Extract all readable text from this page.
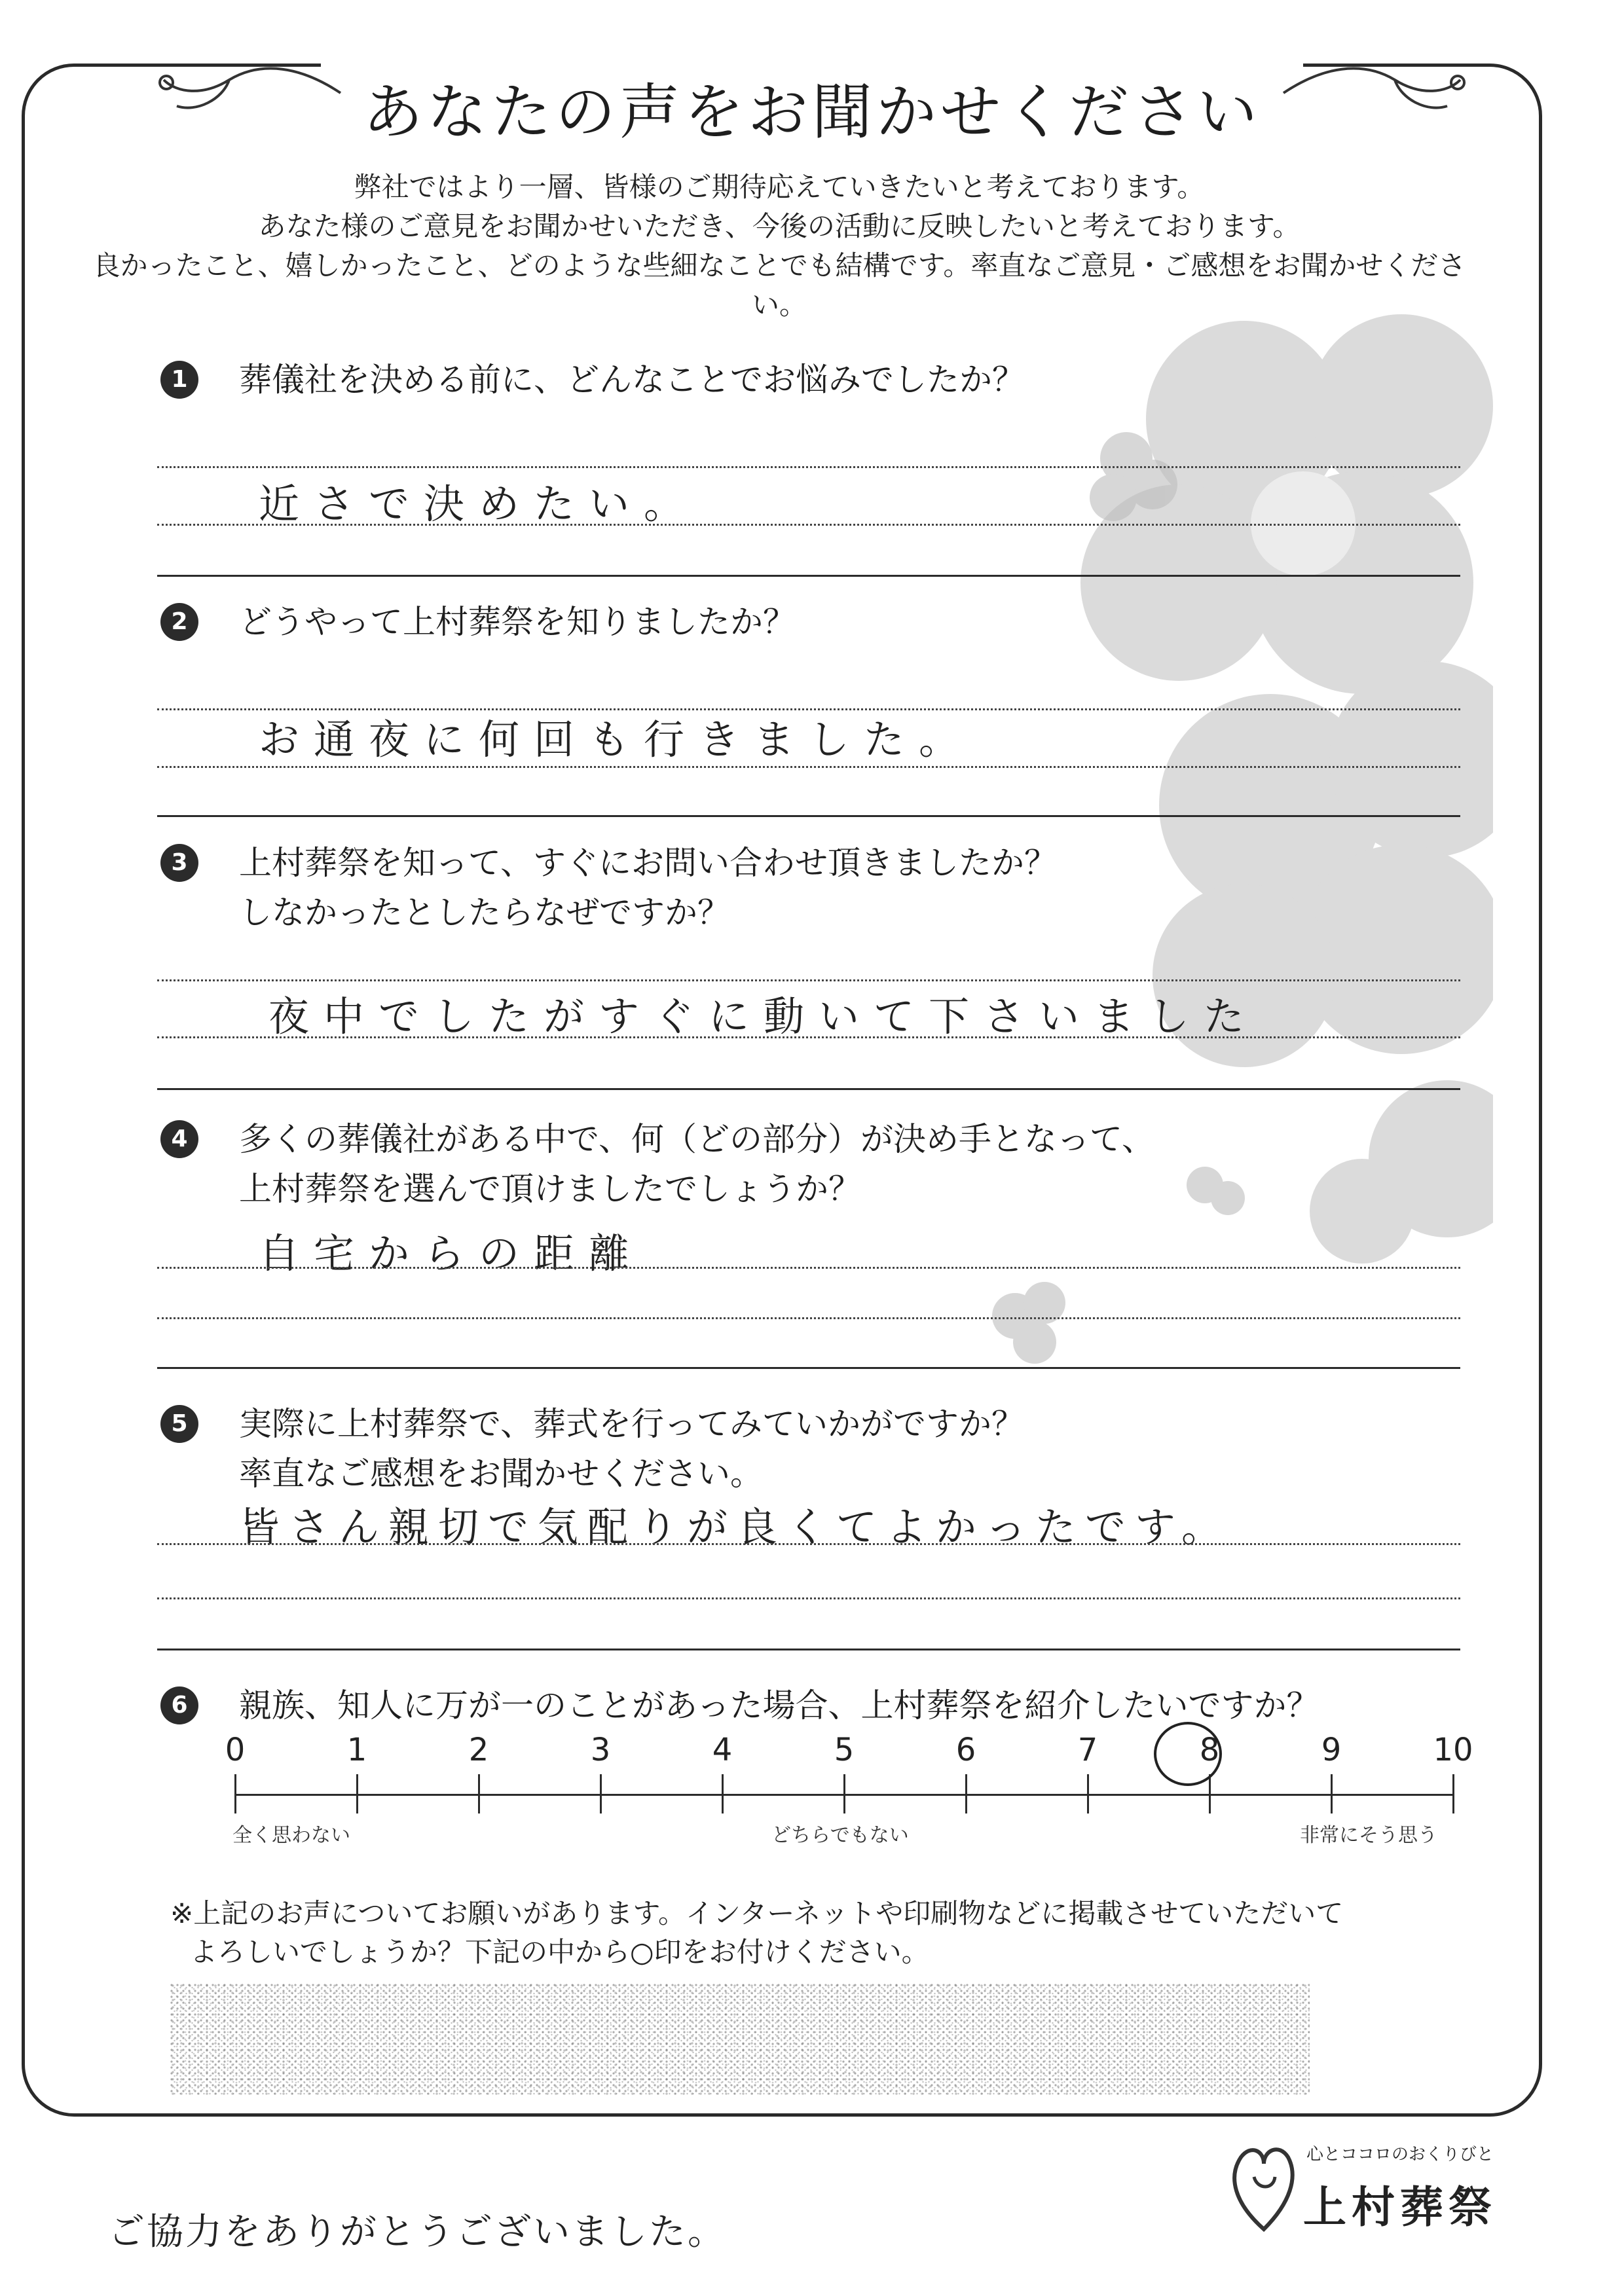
あなたの声をお聞かせください
弊社ではより一層、皆様のご期待応えていきたいと考えております。
あなた様のご意見をお聞かせいただき、今後の活動に反映したいと考えております。
良かったこと、嬉しかったこと、どのような些細なことでも結構です。率直なご意見・ご感想をお聞かせください。
1	葬儀社を決める前に、どんなことでお悩みでしたか？
近さで決めたい。
2	どうやって上村葬祭を知りましたか？
お通夜に何回も行きました。
3	上村葬祭を知って、すぐにお問い合わせ頂きましたか？
しなかったとしたらなぜですか？
夜中でしたがすぐに動いて下さいました
4	多くの葬儀社がある中で、何（どの部分）が決め手となって、
上村葬祭を選んで頂けましたでしょうか？
自宅からの距離
5	実際に上村葬祭で、葬式を行ってみていかがですか？
率直なご感想をお聞かせください。
皆さん親切で気配りが良くてよかったです。
6	親族、知人に万が一のことがあった場合、上村葬祭を紹介したいですか？
0	1	2	3	4	5	6	7	8	9	10
全く思わない	どちらでもない	非常にそう思う
※上記のお声についてお願いがあります。インターネットや印刷物などに掲載させていただいて
よろしいでしょうか？下記の中から○印をお付けください。
ご協力をありがとうございました。
心とココロのおくりびと
上村葬祭
